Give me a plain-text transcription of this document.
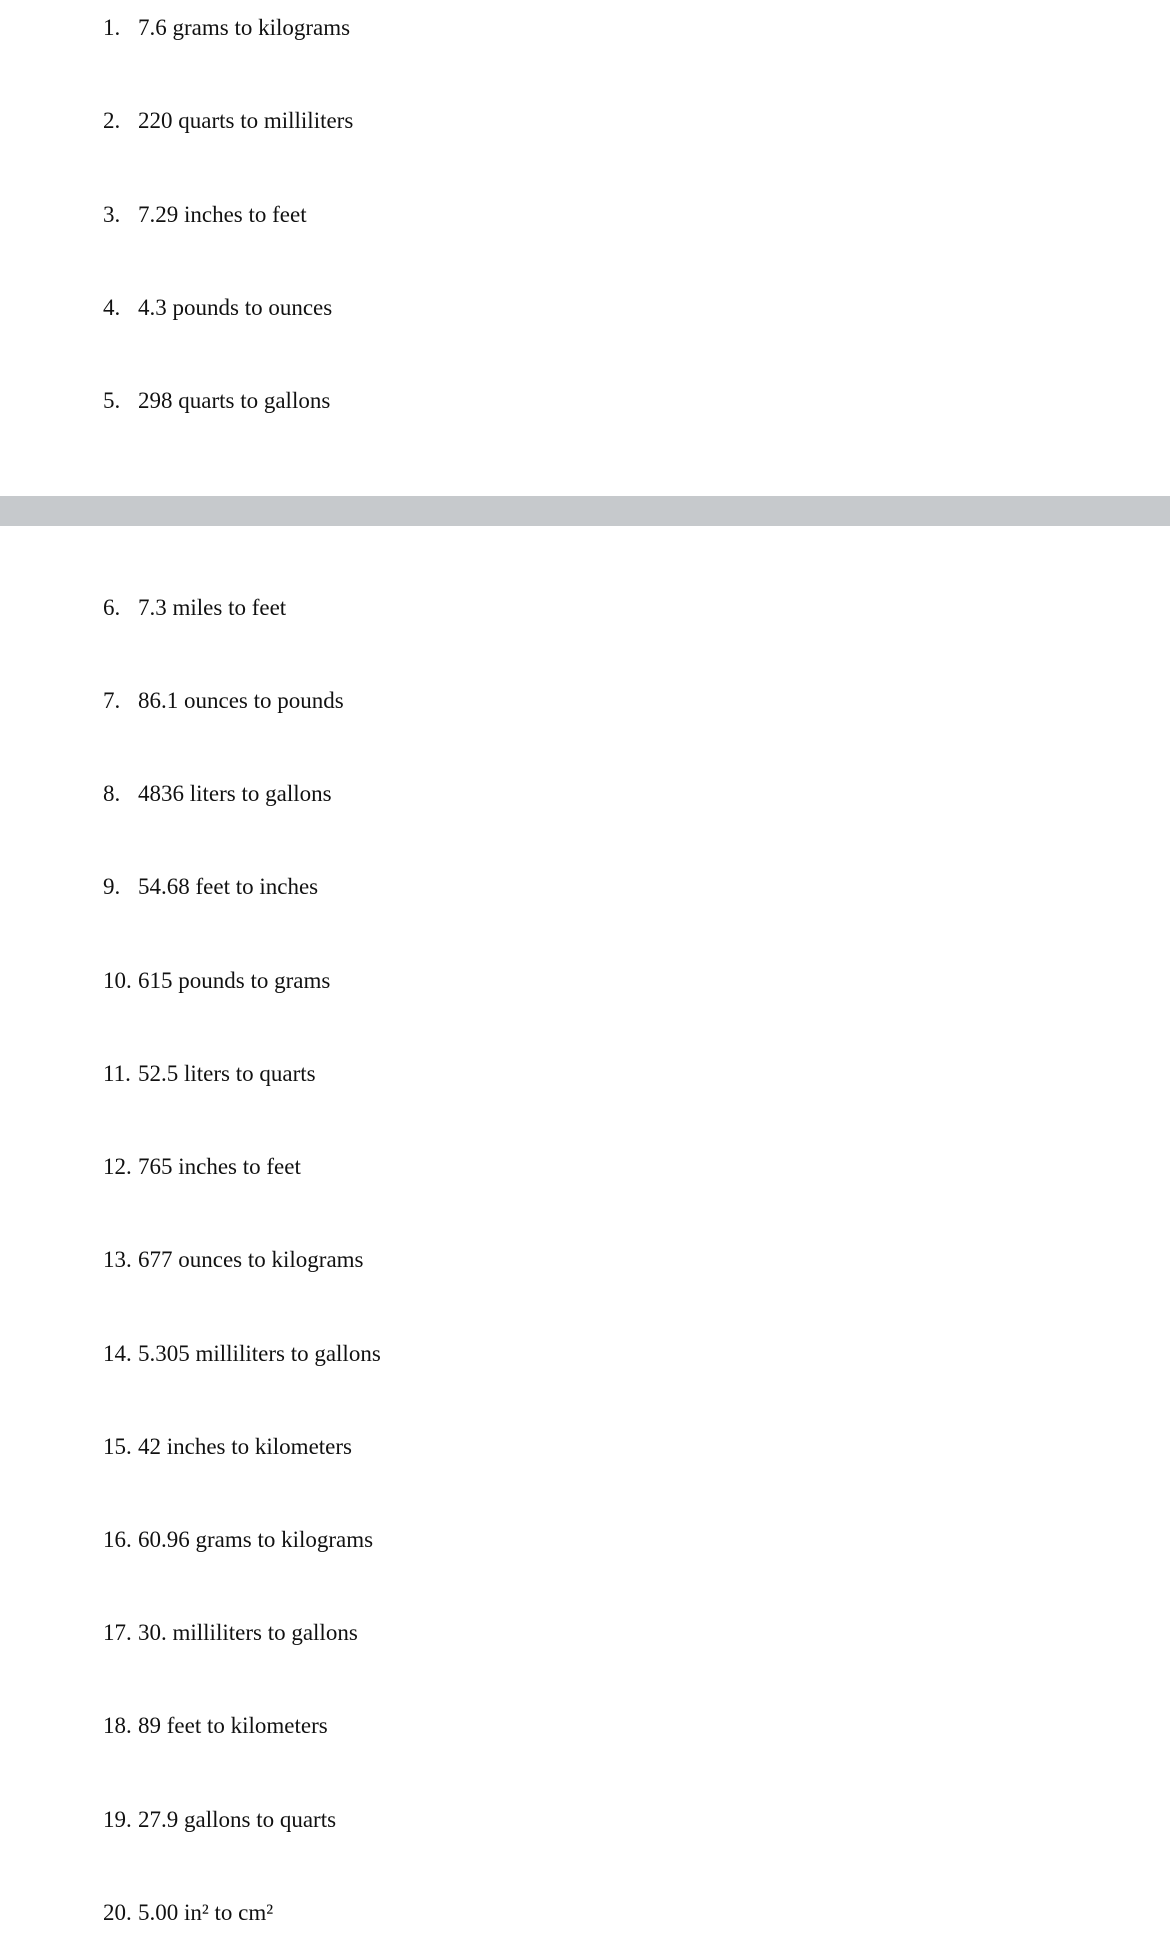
1. 7.6 grams to kilograms
2. 220 quarts to milliliters
3. 7.29 inches to feet
4. 4.3 pounds to ounces
5. 298 quarts to gallons
6. 7.3 miles to feet
7. 86.1 ounces to pounds
8. 4836 liters to gallons
9. 54.68 feet to inches
10. 615 pounds to grams
11. 52.5 liters to quarts
12. 765 inches to feet
13. 677 ounces to kilograms
14. 5.305 milliliters to gallons
15. 42 inches to kilometers
16. 60.96 grams to kilograms
17. 30. milliliters to gallons
18. 89 feet to kilometers
19. 27.9 gallons to quarts
20. 5.00 in² to cm²
